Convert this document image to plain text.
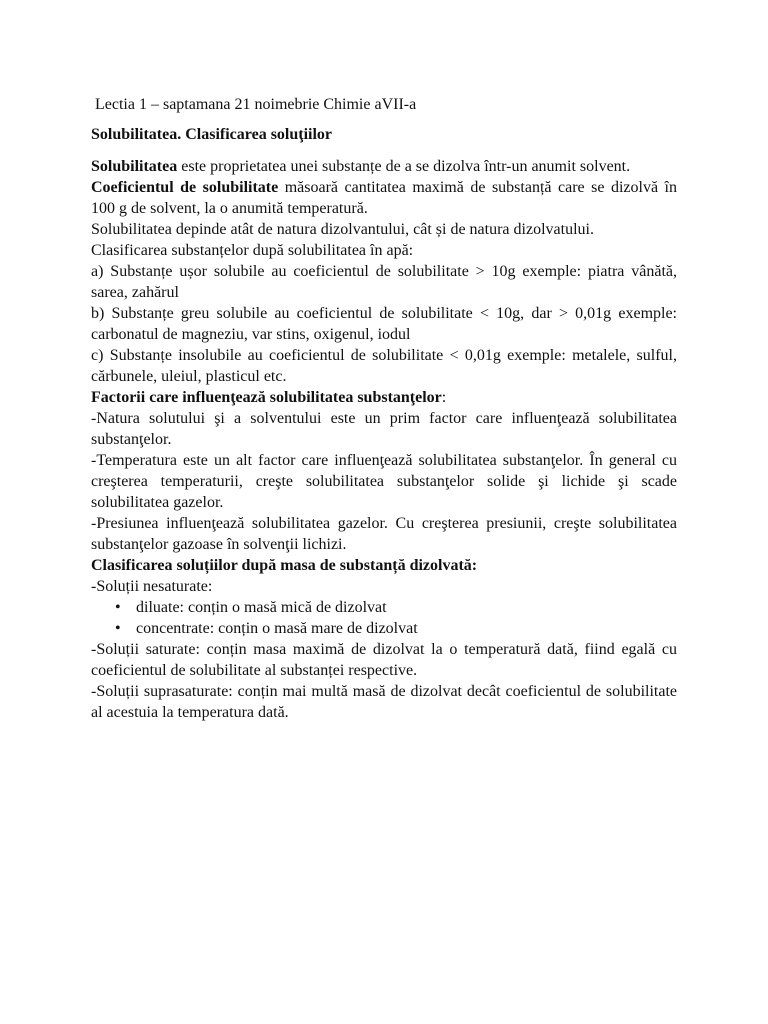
Lectia 1 – saptamana 21 noimebrie Chimie aVII-a
Solubilitatea. Clasificarea soluţiilor

Solubilitatea este proprietatea unei substanțe de a se dizolva într-un anumit solvent.

Coeficientul de solubilitate măsoară cantitatea maximă de substanță care se dizolvă în 100 g de solvent, la o anumită temperatură.

Solubilitatea depinde atât de natura dizolvantului, cât și de natura dizolvatului.

Clasificarea substanțelor după solubilitatea în apă:

a) Substanțe ușor solubile au coeficientul de solubilitate > 10g exemple: piatra vânătă, sarea, zahărul

b) Substanțe greu solubile au coeficientul de solubilitate < 10g, dar > 0,01g exemple: carbonatul de magneziu, var stins, oxigenul, iodul

c) Substanțe insolubile au coeficientul de solubilitate < 0,01g exemple: metalele, sulful, cărbunele, uleiul, plasticul etc.

Factorii care influenţează solubilitatea substanţelor:

-Natura solutului şi a solventului este un prim factor care influenţează solubilitatea substanţelor.

-Temperatura este un alt factor care influenţează solubilitatea substanţelor. În general cu creşterea temperaturii, creşte solubilitatea substanţelor solide şi lichide şi scade solubilitatea gazelor.

-Presiunea influenţează solubilitatea gazelor. Cu creşterea presiunii, creşte solubilitatea substanţelor gazoase în solvenţii lichizi.

Clasificarea soluțiilor după masa de substanță dizolvată:

-Soluții nesaturate:

• diluate: conțin o masă mică de dizolvat
• concentrate: conțin o masă mare de dizolvat

-Soluții saturate: conțin masa maximă de dizolvat la o temperatură dată, fiind egală cu coeficientul de solubilitate al substanței respective.

-Soluții suprasaturate: conțin mai multă masă de dizolvat decât coeficientul de solubilitate al acestuia la temperatura dată.
